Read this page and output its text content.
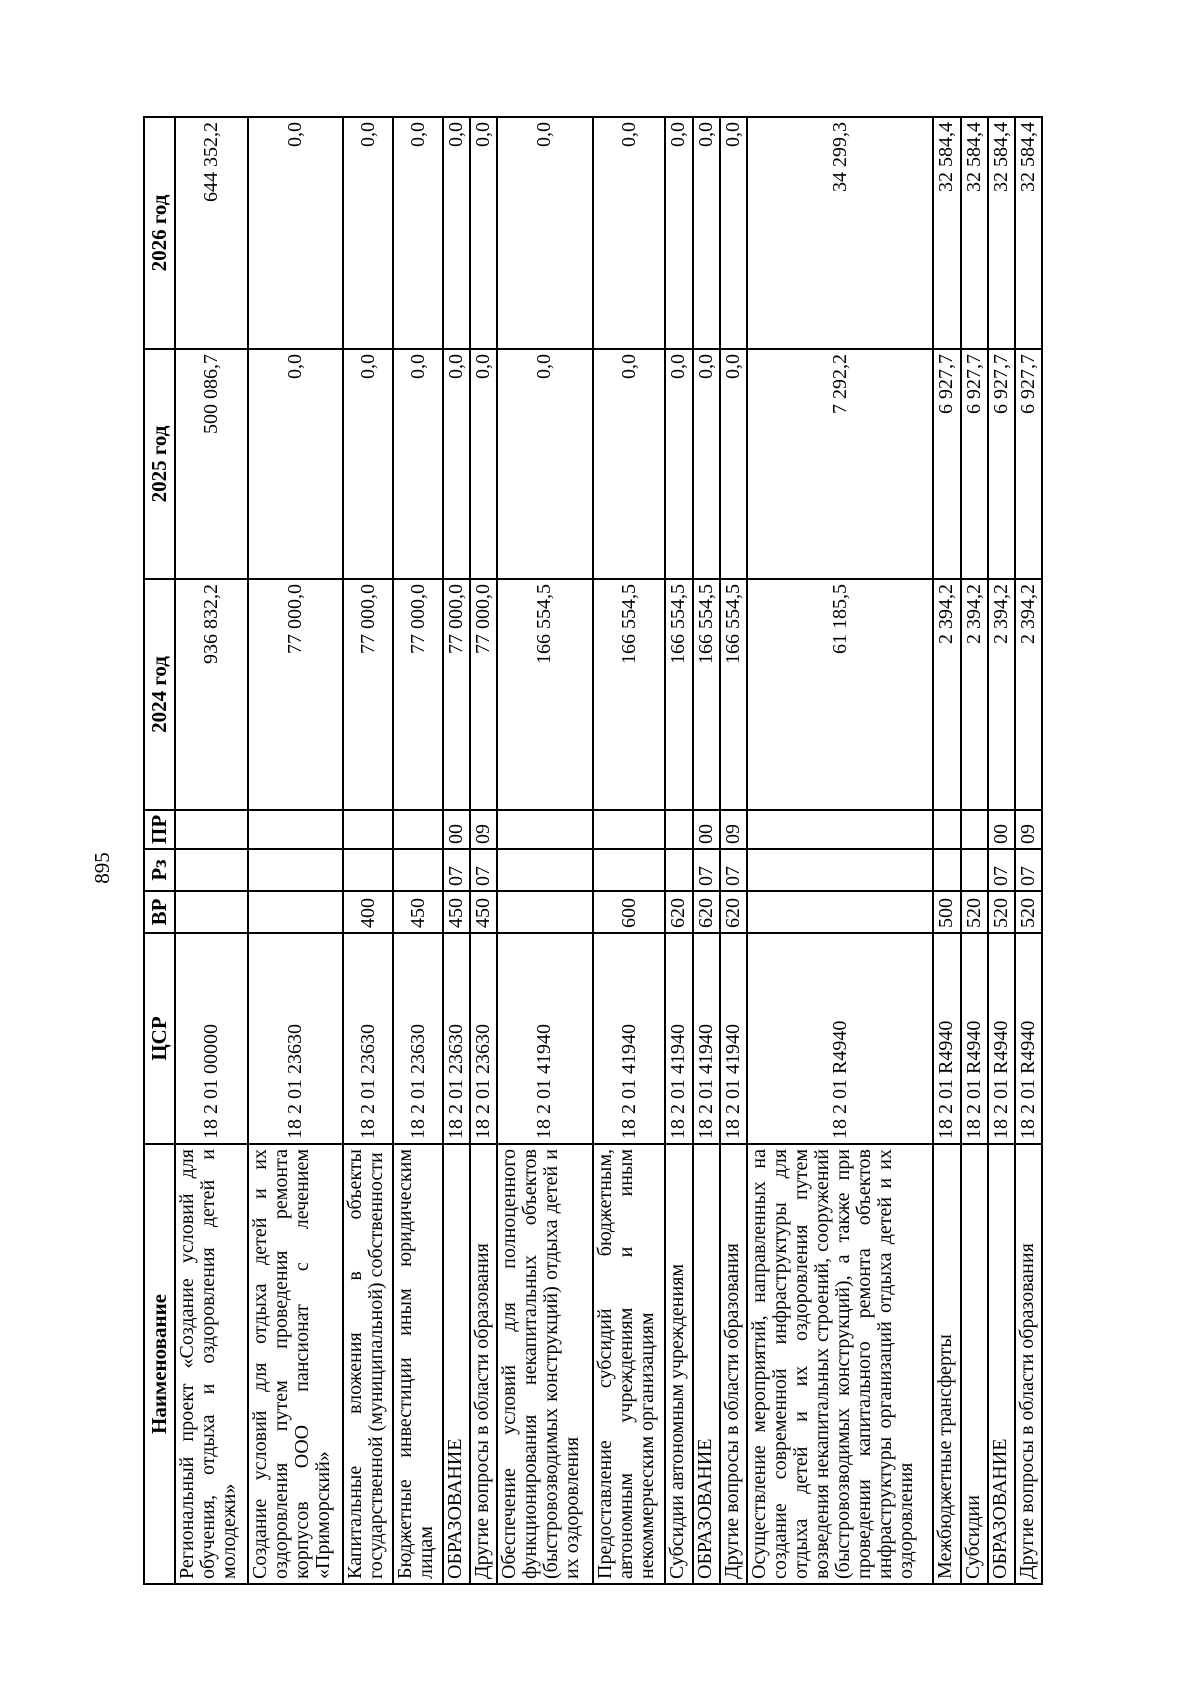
895
Наименование	ЦСР	ВР	Рз	ПР	2024 год	2025 год	2026 год
Региональный проект «Создание условий для обучения, отдыха и оздоровления детей и молодежи»	18 2 01 00000				936 832,2	500 086,7	644 352,2
Создание условий для отдыха детей и их оздоровления путем проведения ремонта корпусов ООО пансионат с лечением «Приморский»	18 2 01 23630				77 000,0	0,0	0,0
Капитальные вложения в объекты государственной (муниципальной) собственности	18 2 01 23630	400			77 000,0	0,0	0,0
Бюджетные инвестиции иным юридическим лицам	18 2 01 23630	450			77 000,0	0,0	0,0
ОБРАЗОВАНИЕ	18 2 01 23630	450	07	00	77 000,0	0,0	0,0
Другие вопросы в области образования	18 2 01 23630	450	07	09	77 000,0	0,0	0,0
Обеспечение условий для полноценного функционирования некапитальных объектов (быстровозводимых конструкций) отдыха детей и их оздоровления	18 2 01 41940				166 554,5	0,0	0,0
Предоставление субсидий бюджетным, автономным учреждениям и иным некоммерческим организациям	18 2 01 41940	600			166 554,5	0,0	0,0
Субсидии автономным учреждениям	18 2 01 41940	620			166 554,5	0,0	0,0
ОБРАЗОВАНИЕ	18 2 01 41940	620	07	00	166 554,5	0,0	0,0
Другие вопросы в области образования	18 2 01 41940	620	07	09	166 554,5	0,0	0,0
Осуществление мероприятий, направленных на создание современной инфраструктуры для отдыха детей и их оздоровления путем возведения некапитальных строений, сооружений (быстровозводимых конструкций), а также при проведении капитального ремонта объектов инфраструктуры организаций отдыха детей и их оздоровления	18 2 01 R4940				61 185,5	7 292,2	34 299,3
Межбюджетные трансферты	18 2 01 R4940	500			2 394,2	6 927,7	32 584,4
Субсидии	18 2 01 R4940	520			2 394,2	6 927,7	32 584,4
ОБРАЗОВАНИЕ	18 2 01 R4940	520	07	00	2 394,2	6 927,7	32 584,4
Другие вопросы в области образования	18 2 01 R4940	520	07	09	2 394,2	6 927,7	32 584,4
